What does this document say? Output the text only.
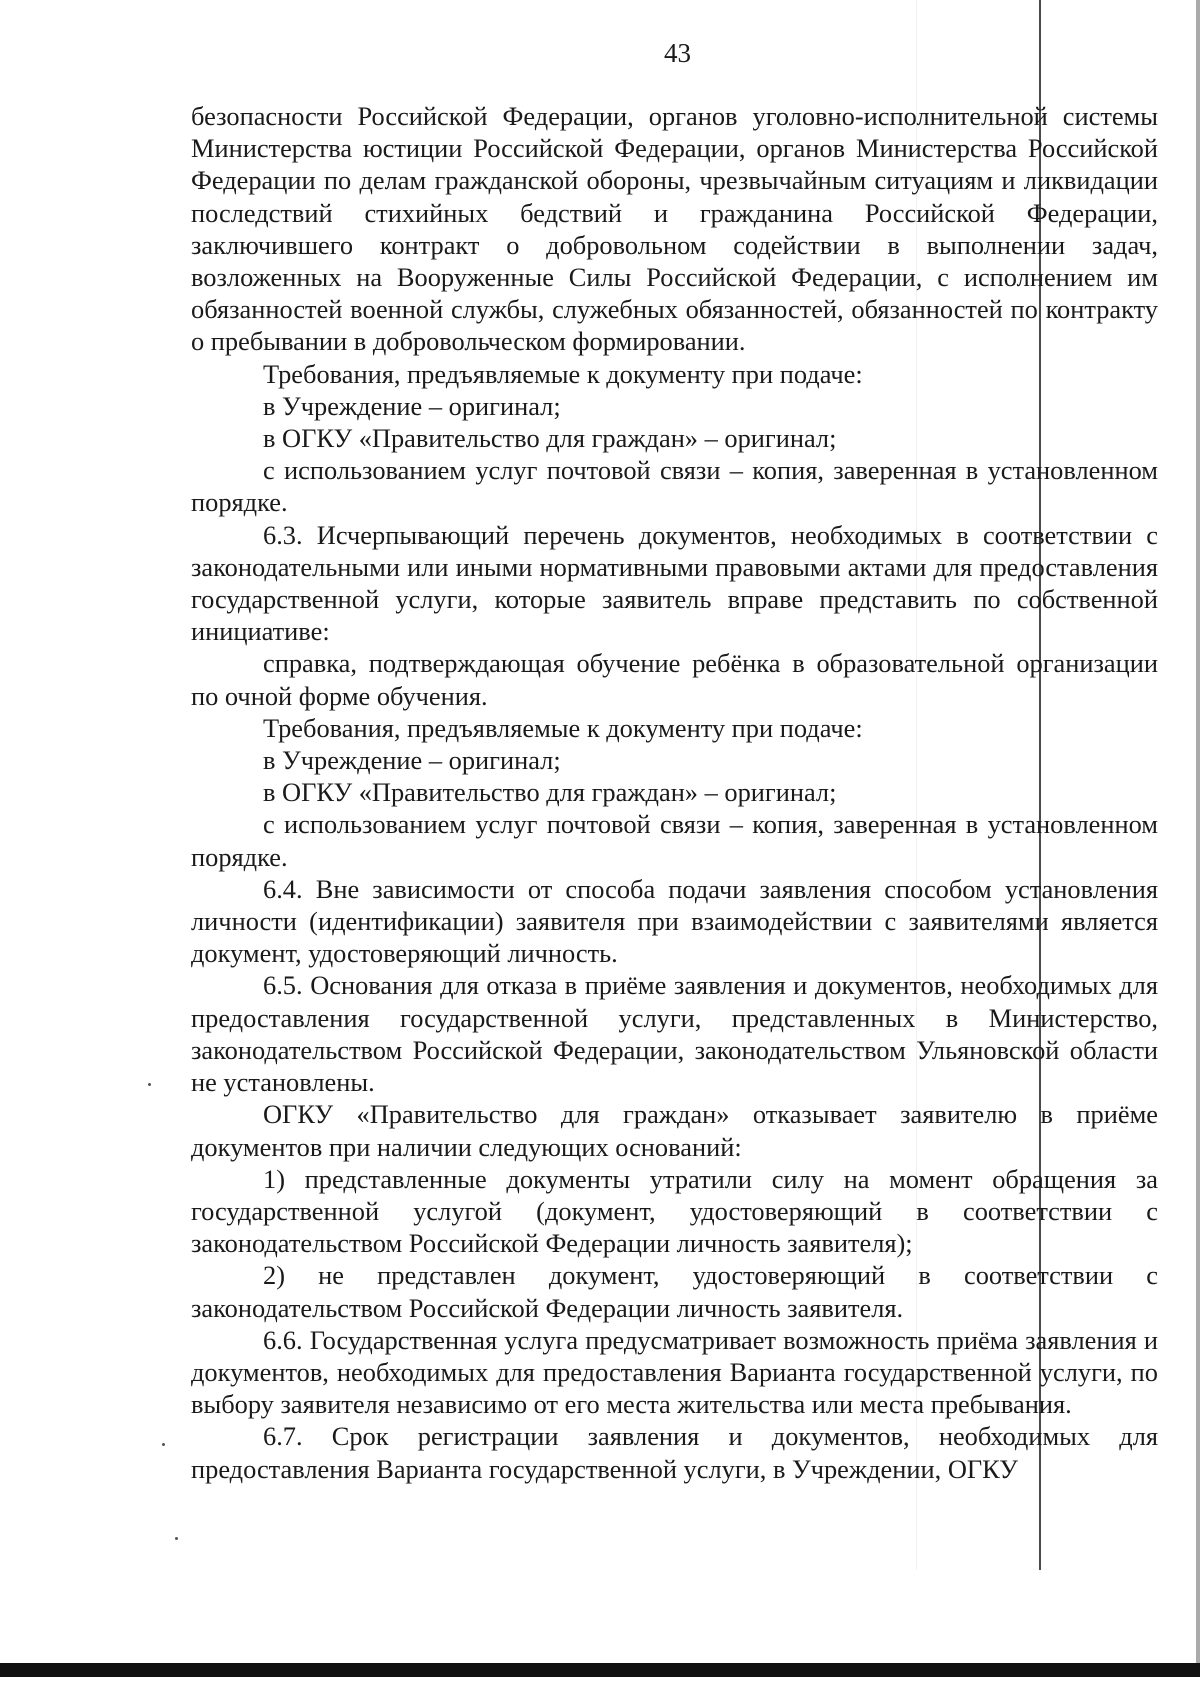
43

безопасности Российской Федерации, органов уголовно-исполнительной системы Министерства юстиции Российской Федерации, органов Министерства Российской Федерации по делам гражданской обороны, чрезвычайным ситуациям и ликвидации последствий стихийных бедствий и гражданина Российской Федерации, заключившего контракт о добровольном содействии в выполнении задач, возложенных на Вооруженные Силы Российской Федерации, с исполнением им обязанностей военной службы, служебных обязанностей, обязанностей по контракту о пребывании в добровольческом формировании.

Требования, предъявляемые к документу при подаче:

в Учреждение – оригинал;

в ОГКУ «Правительство для граждан» – оригинал;

с использованием услуг почтовой связи – копия, заверенная в установленном порядке.

6.3. Исчерпывающий перечень документов, необходимых в соответствии с законодательными или иными нормативными правовыми актами для предоставления государственной услуги, которые заявитель вправе представить по собственной инициативе:

справка, подтверждающая обучение ребёнка в образовательной организации по очной форме обучения.

Требования, предъявляемые к документу при подаче:

в Учреждение – оригинал;

в ОГКУ «Правительство для граждан» – оригинал;

с использованием услуг почтовой связи – копия, заверенная в установленном порядке.

6.4. Вне зависимости от способа подачи заявления способом установления личности (идентификации) заявителя при взаимодействии с заявителями является документ, удостоверяющий личность.

6.5. Основания для отказа в приёме заявления и документов, необходимых для предоставления государственной услуги, представленных в Министерство, законодательством Российской Федерации, законодательством Ульяновской области не установлены.

ОГКУ «Правительство для граждан» отказывает заявителю в приёме документов при наличии следующих оснований:

1) представленные документы утратили силу на момент обращения за государственной услугой (документ, удостоверяющий в соответствии с законодательством Российской Федерации личность заявителя);

2) не представлен документ, удостоверяющий в соответствии с законодательством Российской Федерации личность заявителя.

6.6. Государственная услуга предусматривает возможность приёма заявления и документов, необходимых для предоставления Варианта государственной услуги, по выбору заявителя независимо от его места жительства или места пребывания.

6.7. Срок регистрации заявления и документов, необходимых для предоставления Варианта государственной услуги, в Учреждении, ОГКУ
